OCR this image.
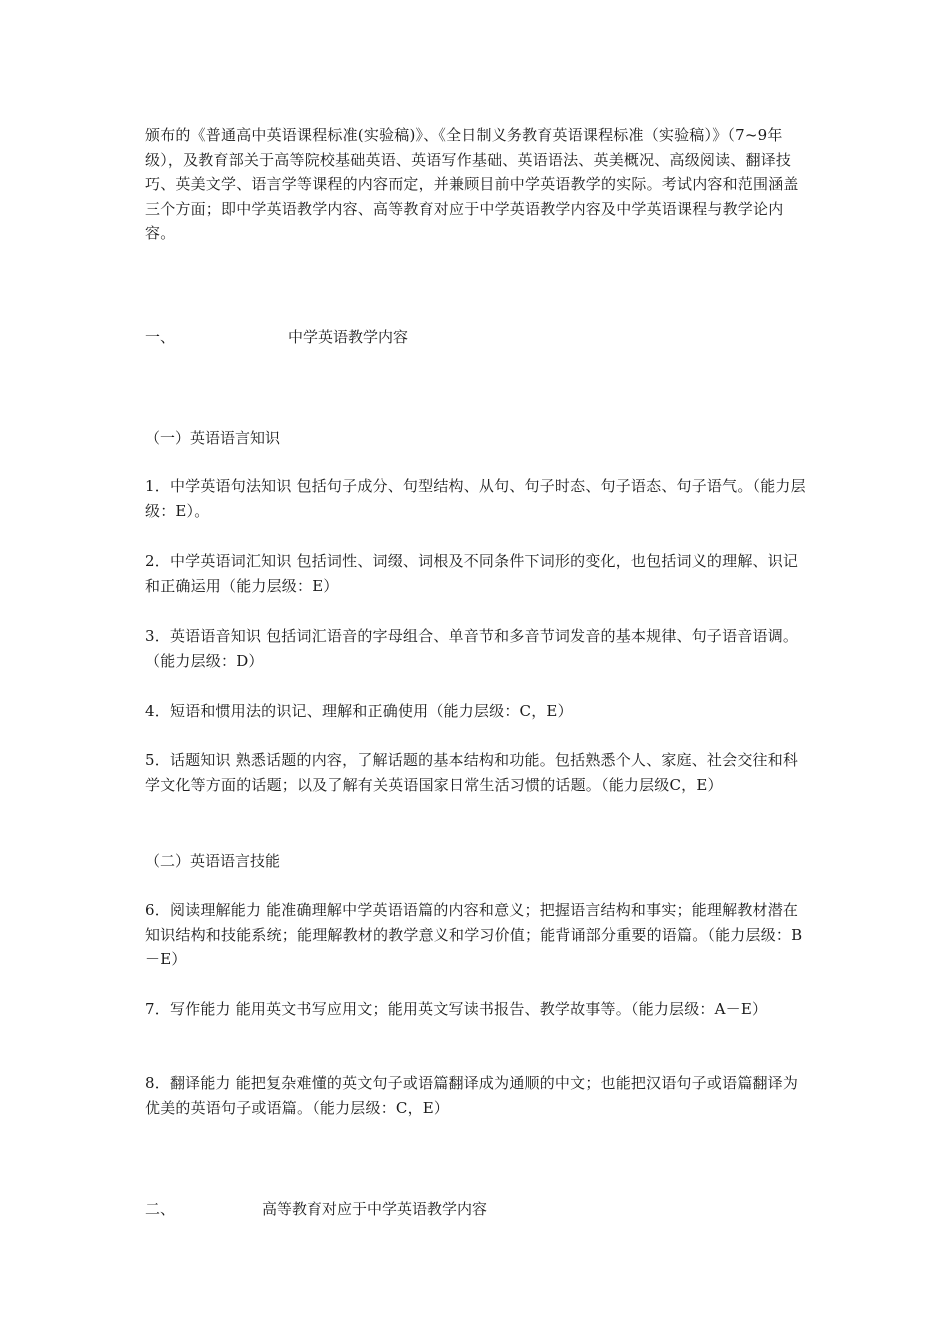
颁布的《普通高中英语课程标准(实验稿)》、《全日制义务教育英语课程标准（实验稿）》（7~9年级），及教育部关于高等院校基础英语、英语写作基础、英语语法、英美概况、高级阅读、翻译技巧、英美文学、语言学等课程的内容而定，并兼顾目前中学英语教学的实际。考试内容和范围涵盖三个方面；即中学英语教学内容、高等教育对应于中学英语教学内容及中学英语课程与教学论内容。

一、	中学英语教学内容

（一）英语语言知识

1．中学英语句法知识 包括句子成分、句型结构、从句、句子时态、句子语态、句子语气。（能力层级：E）。

2．中学英语词汇知识 包括词性、词缀、词根及不同条件下词形的变化，也包括词义的理解、识记和正确运用（能力层级：E）

3．英语语音知识 包括词汇语音的字母组合、单音节和多音节词发音的基本规律、句子语音语调。（能力层级：D）

4．短语和惯用法的识记、理解和正确使用（能力层级：C，E）

5．话题知识 熟悉话题的内容，了解话题的基本结构和功能。包括熟悉个人、家庭、社会交往和科学文化等方面的话题；以及了解有关英语国家日常生活习惯的话题。（能力层级C，E）

（二）英语语言技能

6．阅读理解能力 能准确理解中学英语语篇的内容和意义；把握语言结构和事实；能理解教材潜在知识结构和技能系统；能理解教材的教学意义和学习价值；能背诵部分重要的语篇。（能力层级：B－E）

7．写作能力 能用英文书写应用文；能用英文写读书报告、教学故事等。（能力层级：A－E）

8．翻译能力 能把复杂难懂的英文句子或语篇翻译成为通顺的中文；也能把汉语句子或语篇翻译为优美的英语句子或语篇。（能力层级：C，E）

二、	高等教育对应于中学英语教学内容
